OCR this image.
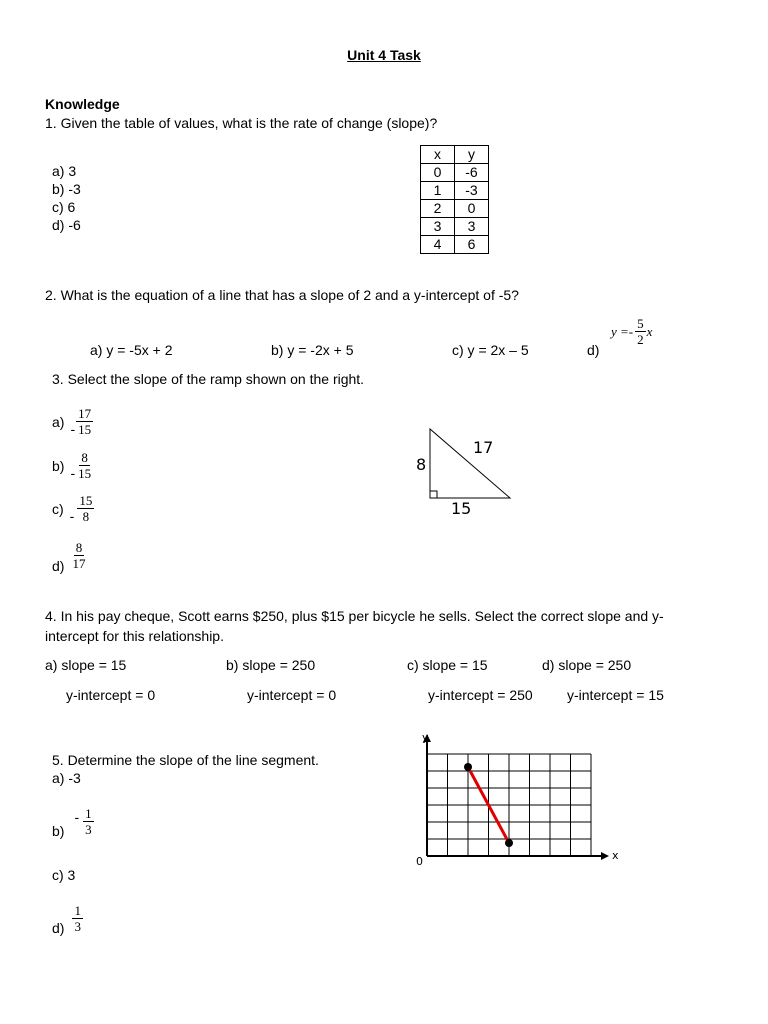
Unit 4 Task
Knowledge
1. Given the table of values, what is the rate of change (slope)?
a) 3
b) -3
c) 6
d) -6
x	y
0	-6
1	-3
2	0
3	3
4	6
2. What is the equation of a line that has a slope of 2 and a y-intercept of -5?
a) y = -5x + 2	b) y = -2x + 5	c) y = 2x – 5	d)
$y =- \frac{5}{2}$ x
3. Select the slope of the ramp shown on the right.
$a) - \frac{17}{15}$
$b) - \frac{8}{15}$
$c) - \frac{15}{8}$
$d) \frac{8}{17}$
17
8
15
4. In his pay cheque, Scott earns $250, plus $15 per bicycle he sells. Select the correct slope and y-
intercept for this relationship.
a) slope = 15
y-intercept = 0
b) slope = 250
y-intercept = 0
c) slope = 15
y-intercept = 250
d) slope = 250
y-intercept = 15
5. Determine the slope of the line segment.
a) -3
b)
- $\frac{1}{3}$
c) 3
$d) \frac{1}{3}$
y
x
0
